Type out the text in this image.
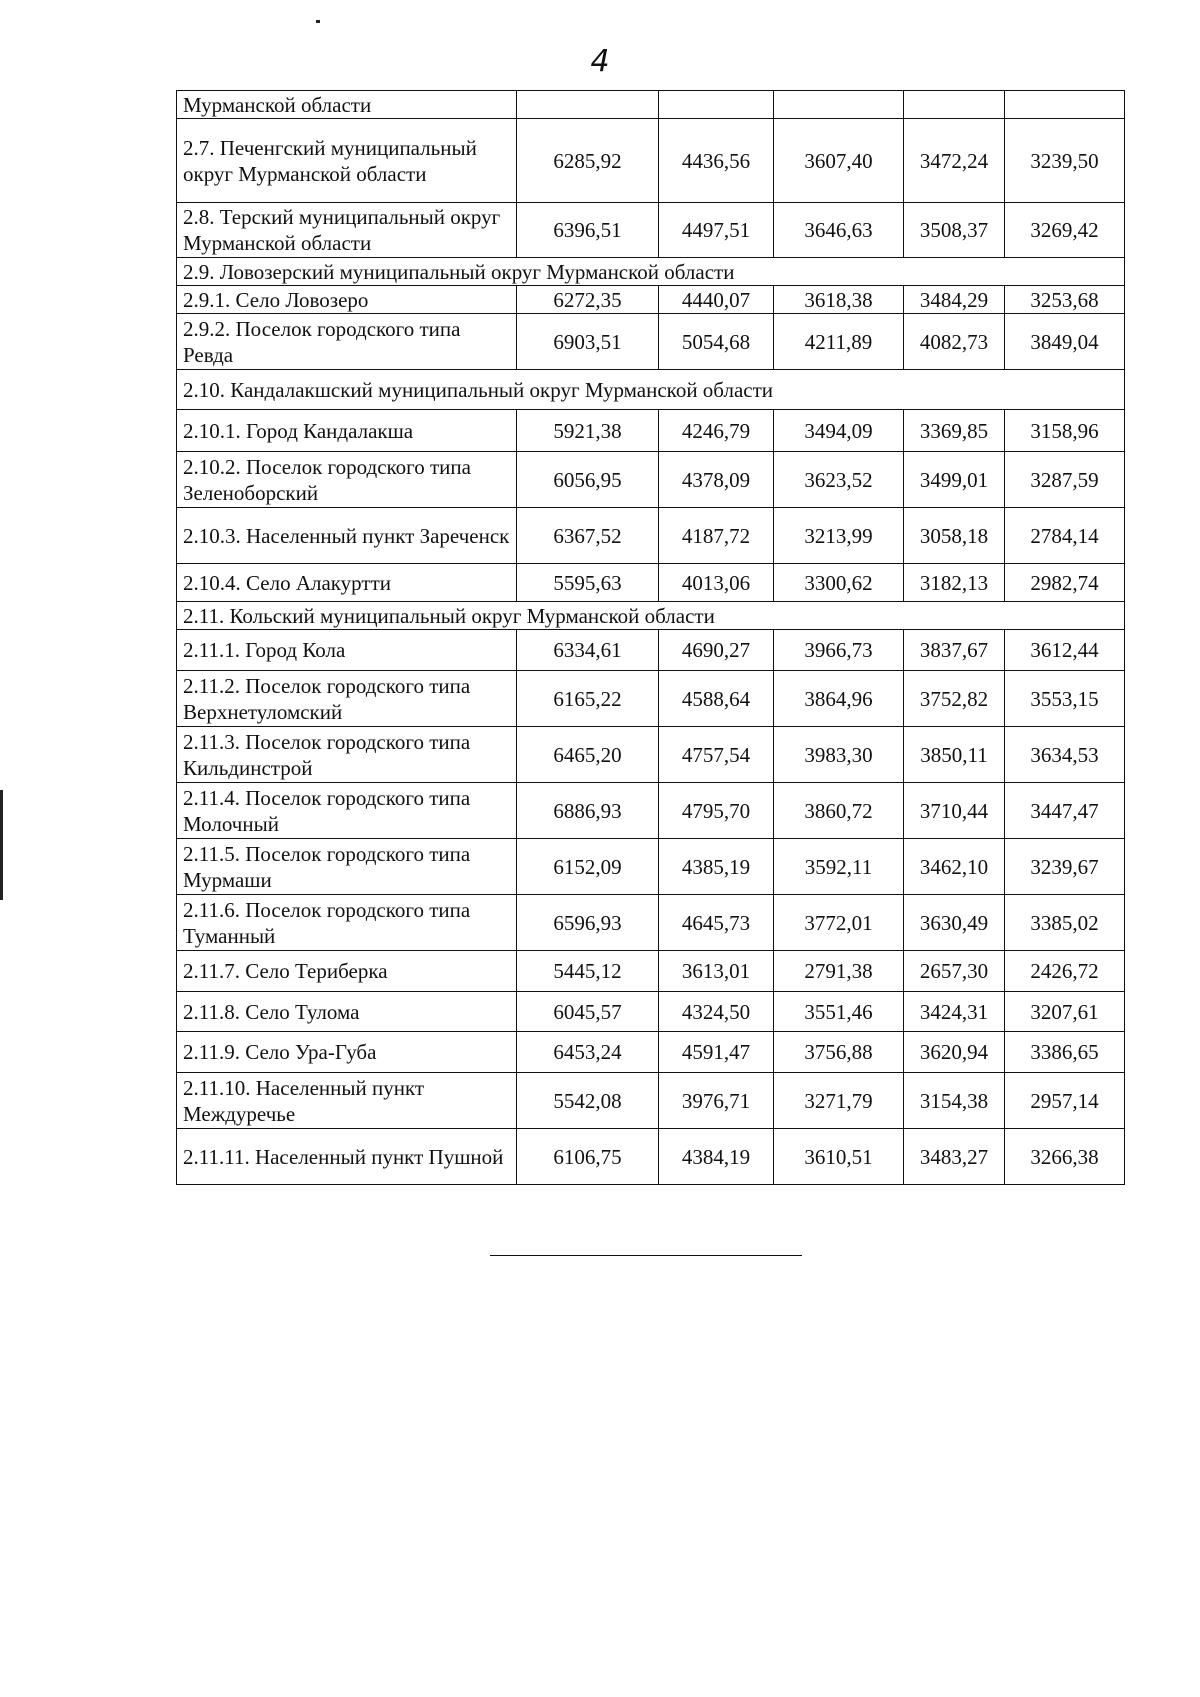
4
Мурманской области					
2.7. Печенгский муниципальный округ Мурманской области	6285,92	4436,56	3607,40	3472,24	3239,50
2.8. Терский муниципальный округ Мурманской области	6396,51	4497,51	3646,63	3508,37	3269,42
2.9. Ловозерский муниципальный округ Мурманской области					
2.9.1. Село Ловозеро	6272,35	4440,07	3618,38	3484,29	3253,68
2.9.2. Поселок городского типа Ревда	6903,51	5054,68	4211,89	4082,73	3849,04
2.10. Кандалакшский муниципальный округ Мурманской области					
2.10.1. Город Кандалакша	5921,38	4246,79	3494,09	3369,85	3158,96
2.10.2. Поселок городского типа Зеленоборский	6056,95	4378,09	3623,52	3499,01	3287,59
2.10.3. Населенный пункт Зареченск	6367,52	4187,72	3213,99	3058,18	2784,14
2.10.4. Село Алакуртти	5595,63	4013,06	3300,62	3182,13	2982,74
2.11. Кольский муниципальный округ Мурманской области					
2.11.1. Город Кола	6334,61	4690,27	3966,73	3837,67	3612,44
2.11.2. Поселок городского типа Верхнетуломский	6165,22	4588,64	3864,96	3752,82	3553,15
2.11.3. Поселок городского типа Кильдинстрой	6465,20	4757,54	3983,30	3850,11	3634,53
2.11.4. Поселок городского типа Молочный	6886,93	4795,70	3860,72	3710,44	3447,47
2.11.5. Поселок городского типа Мурмаши	6152,09	4385,19	3592,11	3462,10	3239,67
2.11.6. Поселок городского типа Туманный	6596,93	4645,73	3772,01	3630,49	3385,02
2.11.7. Село Териберка	5445,12	3613,01	2791,38	2657,30	2426,72
2.11.8. Село Тулома	6045,57	4324,50	3551,46	3424,31	3207,61
2.11.9. Село Ура-Губа	6453,24	4591,47	3756,88	3620,94	3386,65
2.11.10. Населенный пункт Междуречье	5542,08	3976,71	3271,79	3154,38	2957,14
2.11.11. Населенный пункт Пушной	6106,75	4384,19	3610,51	3483,27	3266,38
